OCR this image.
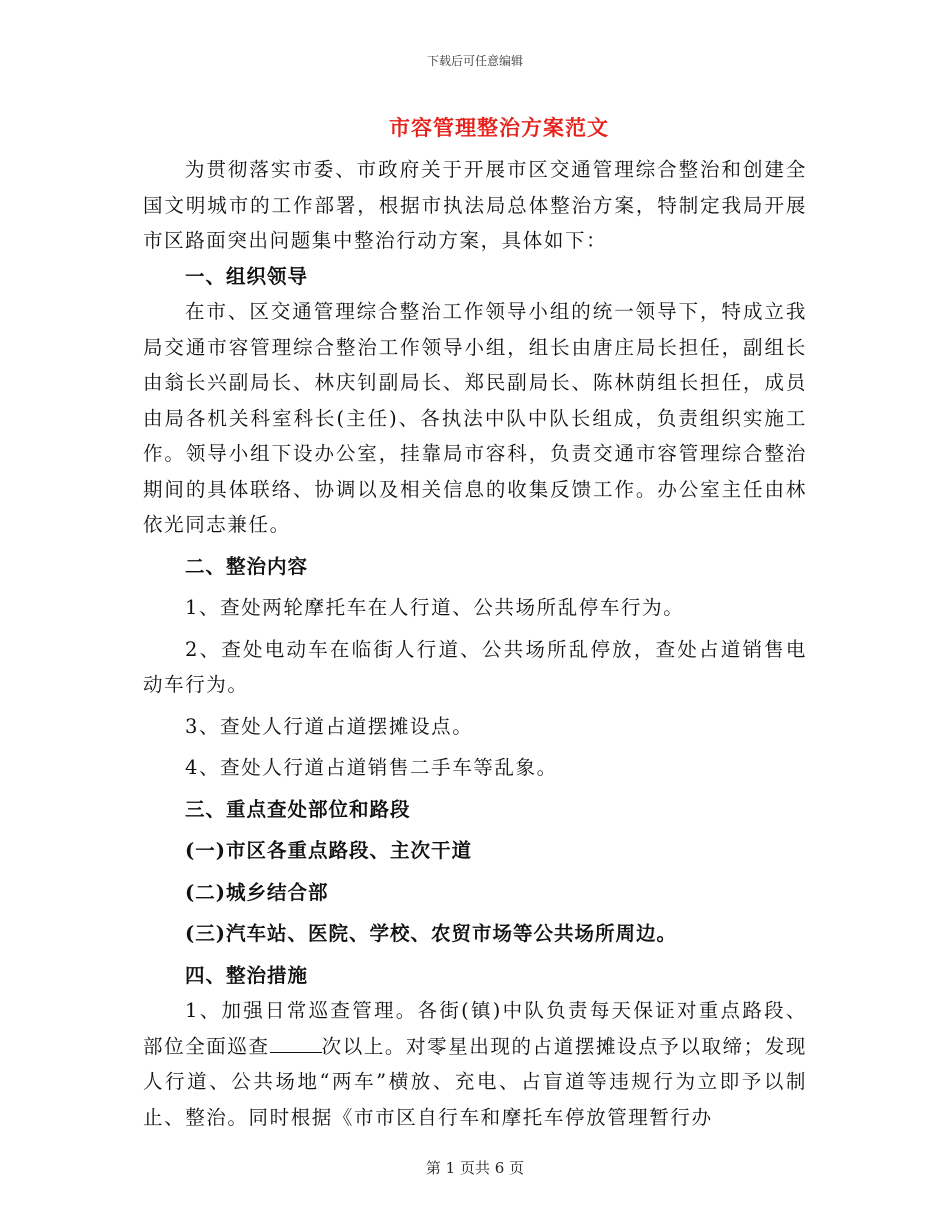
下载后可任意编辑
市容管理整治方案范文

为贯彻落实市委、市政府关于开展市区交通管理综合整治和创建全国文明城市的工作部署，根据市执法局总体整治方案，特制定我局开展市区路面突出问题集中整治行动方案，具体如下：

一、组织领导

在市、区交通管理综合整治工作领导小组的统一领导下，特成立我局交通市容管理综合整治工作领导小组，组长由唐庄局长担任，副组长由翁长兴副局长、林庆钊副局长、郑民副局长、陈林荫组长担任，成员由局各机关科室科长(主任)、各执法中队中队长组成，负责组织实施工作。领导小组下设办公室，挂靠局市容科，负责交通市容管理综合整治期间的具体联络、协调以及相关信息的收集反馈工作。办公室主任由林依光同志兼任。

二、整治内容

1、查处两轮摩托车在人行道、公共场所乱停车行为。

2、查处电动车在临街人行道、公共场所乱停放，查处占道销售电动车行为。

3、查处人行道占道摆摊设点。

4、查处人行道占道销售二手车等乱象。

三、重点查处部位和路段

(一)市区各重点路段、主次干道

(二)城乡结合部

(三)汽车站、医院、学校、农贸市场等公共场所周边。

四、整治措施

1、加强日常巡查管理。各街(镇)中队负责每天保证对重点路段、部位全面巡查	次以上。对零星出现的占道摆摊设点予以取缔；发现人行道、公共场地“两车”横放、充电、占盲道等违规行为立即予以制止、整治。同时根据《市市区自行车和摩托车停放管理暂行办

第 1 页共 6 页
